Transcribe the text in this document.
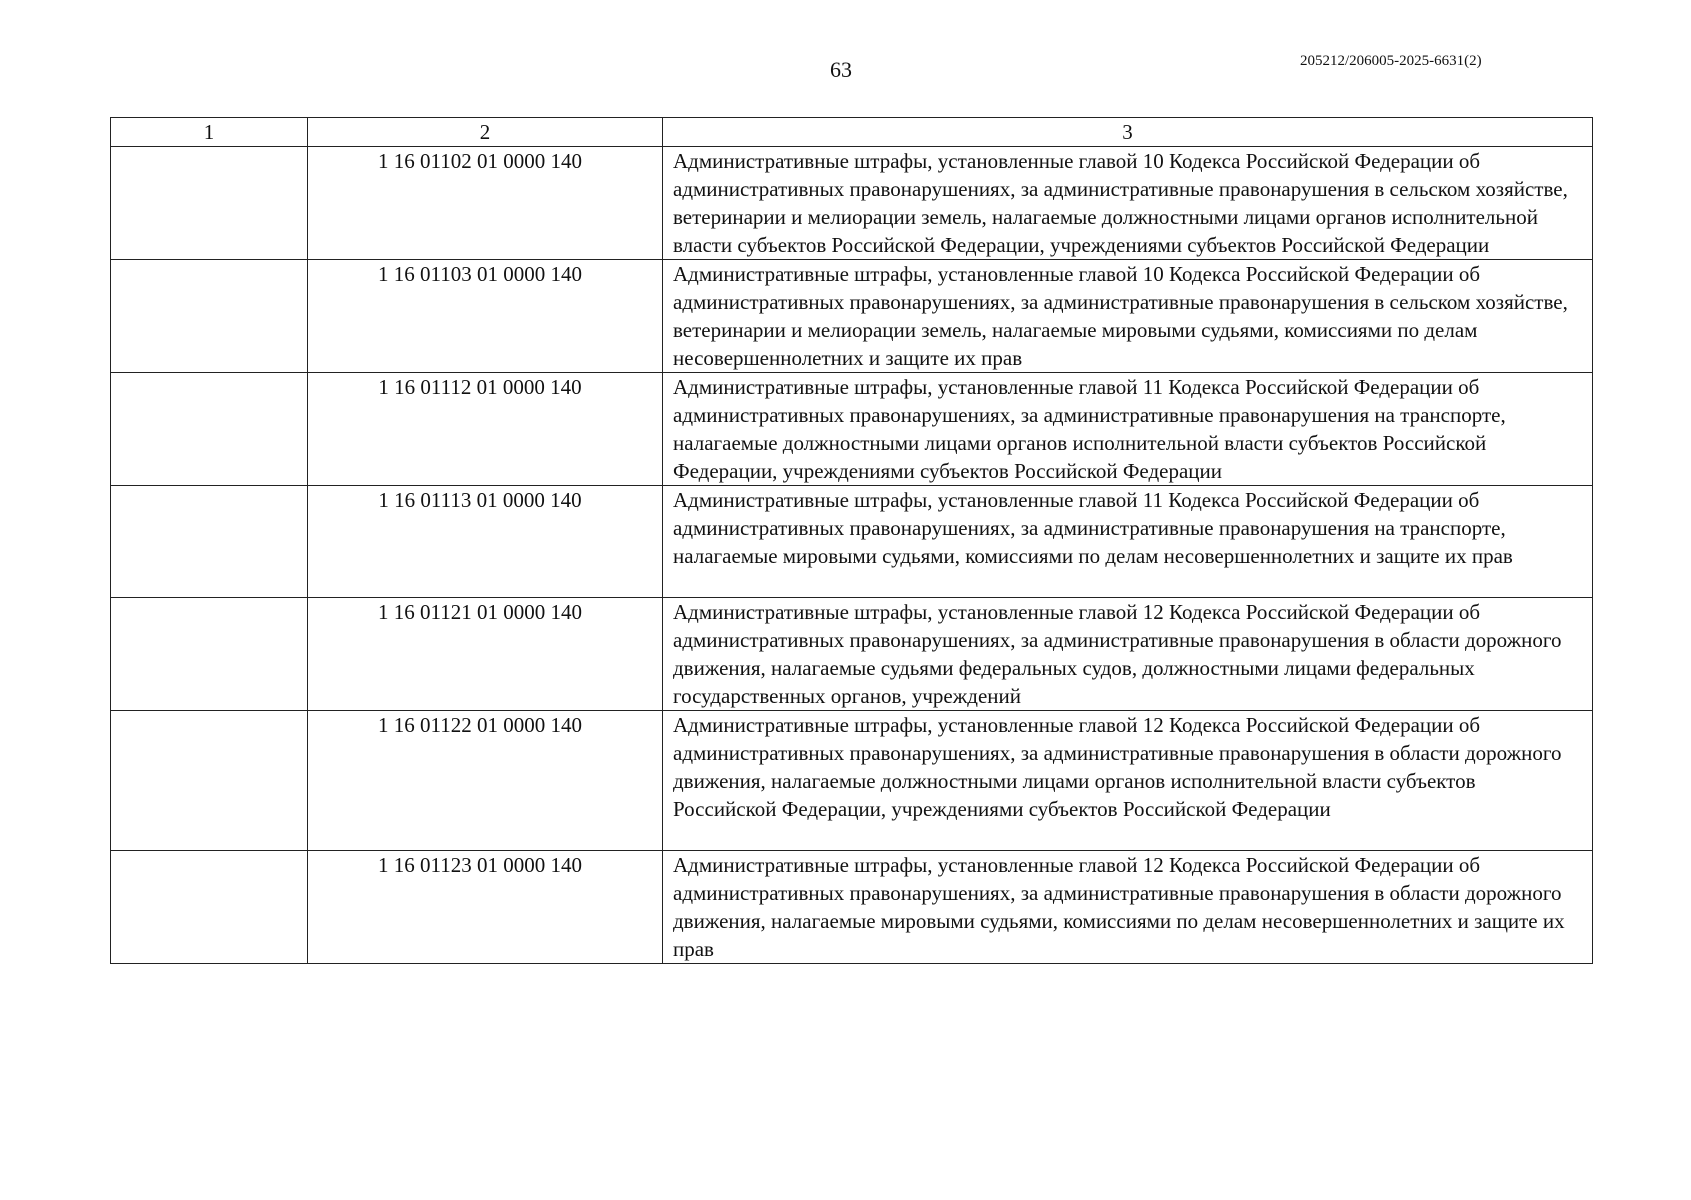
63	205212/206005-2025-6631(2)
1	2	3
	1 16 01102 01 0000 140	Административные штрафы, установленные главой 10 Кодекса Российской Федерации об административных правонарушениях, за административные правонарушения в сельском хозяйстве, ветеринарии и мелиорации земель, налагаемые должностными лицами органов исполнительной власти субъектов Российской Федерации, учреждениями субъектов Российской Федерации
	1 16 01103 01 0000 140	Административные штрафы, установленные главой 10 Кодекса Российской Федерации об административных правонарушениях, за административные правонарушения в сельском хозяйстве, ветеринарии и мелиорации земель, налагаемые мировыми судьями, комиссиями по делам несовершеннолетних и защите их прав
	1 16 01112 01 0000 140	Административные штрафы, установленные главой 11 Кодекса Российской Федерации об административных правонарушениях, за административные правонарушения на транспорте, налагаемые должностными лицами органов исполнительной власти субъектов Российской Федерации, учреждениями субъектов Российской Федерации
	1 16 01113 01 0000 140	Административные штрафы, установленные главой 11 Кодекса Российской Федерации об административных правонарушениях, за административные правонарушения на транспорте, налагаемые мировыми судьями, комиссиями по делам несовершеннолетних и защите их прав
	1 16 01121 01 0000 140	Административные штрафы, установленные главой 12 Кодекса Российской Федерации об административных правонарушениях, за административные правонарушения в области дорожного движения, налагаемые судьями федеральных судов, должностными лицами федеральных государственных органов, учреждений
	1 16 01122 01 0000 140	Административные штрафы, установленные главой 12 Кодекса Российской Федерации об административных правонарушениях, за административные правонарушения в области дорожного движения, налагаемые должностными лицами органов исполнительной власти субъектов Российской Федерации, учреждениями субъектов Российской Федерации
	1 16 01123 01 0000 140	Административные штрафы, установленные главой 12 Кодекса Российской Федерации об административных правонарушениях, за административные правонарушения в области дорожного движения, налагаемые мировыми судьями, комиссиями по делам несовершеннолетних и защите их прав
